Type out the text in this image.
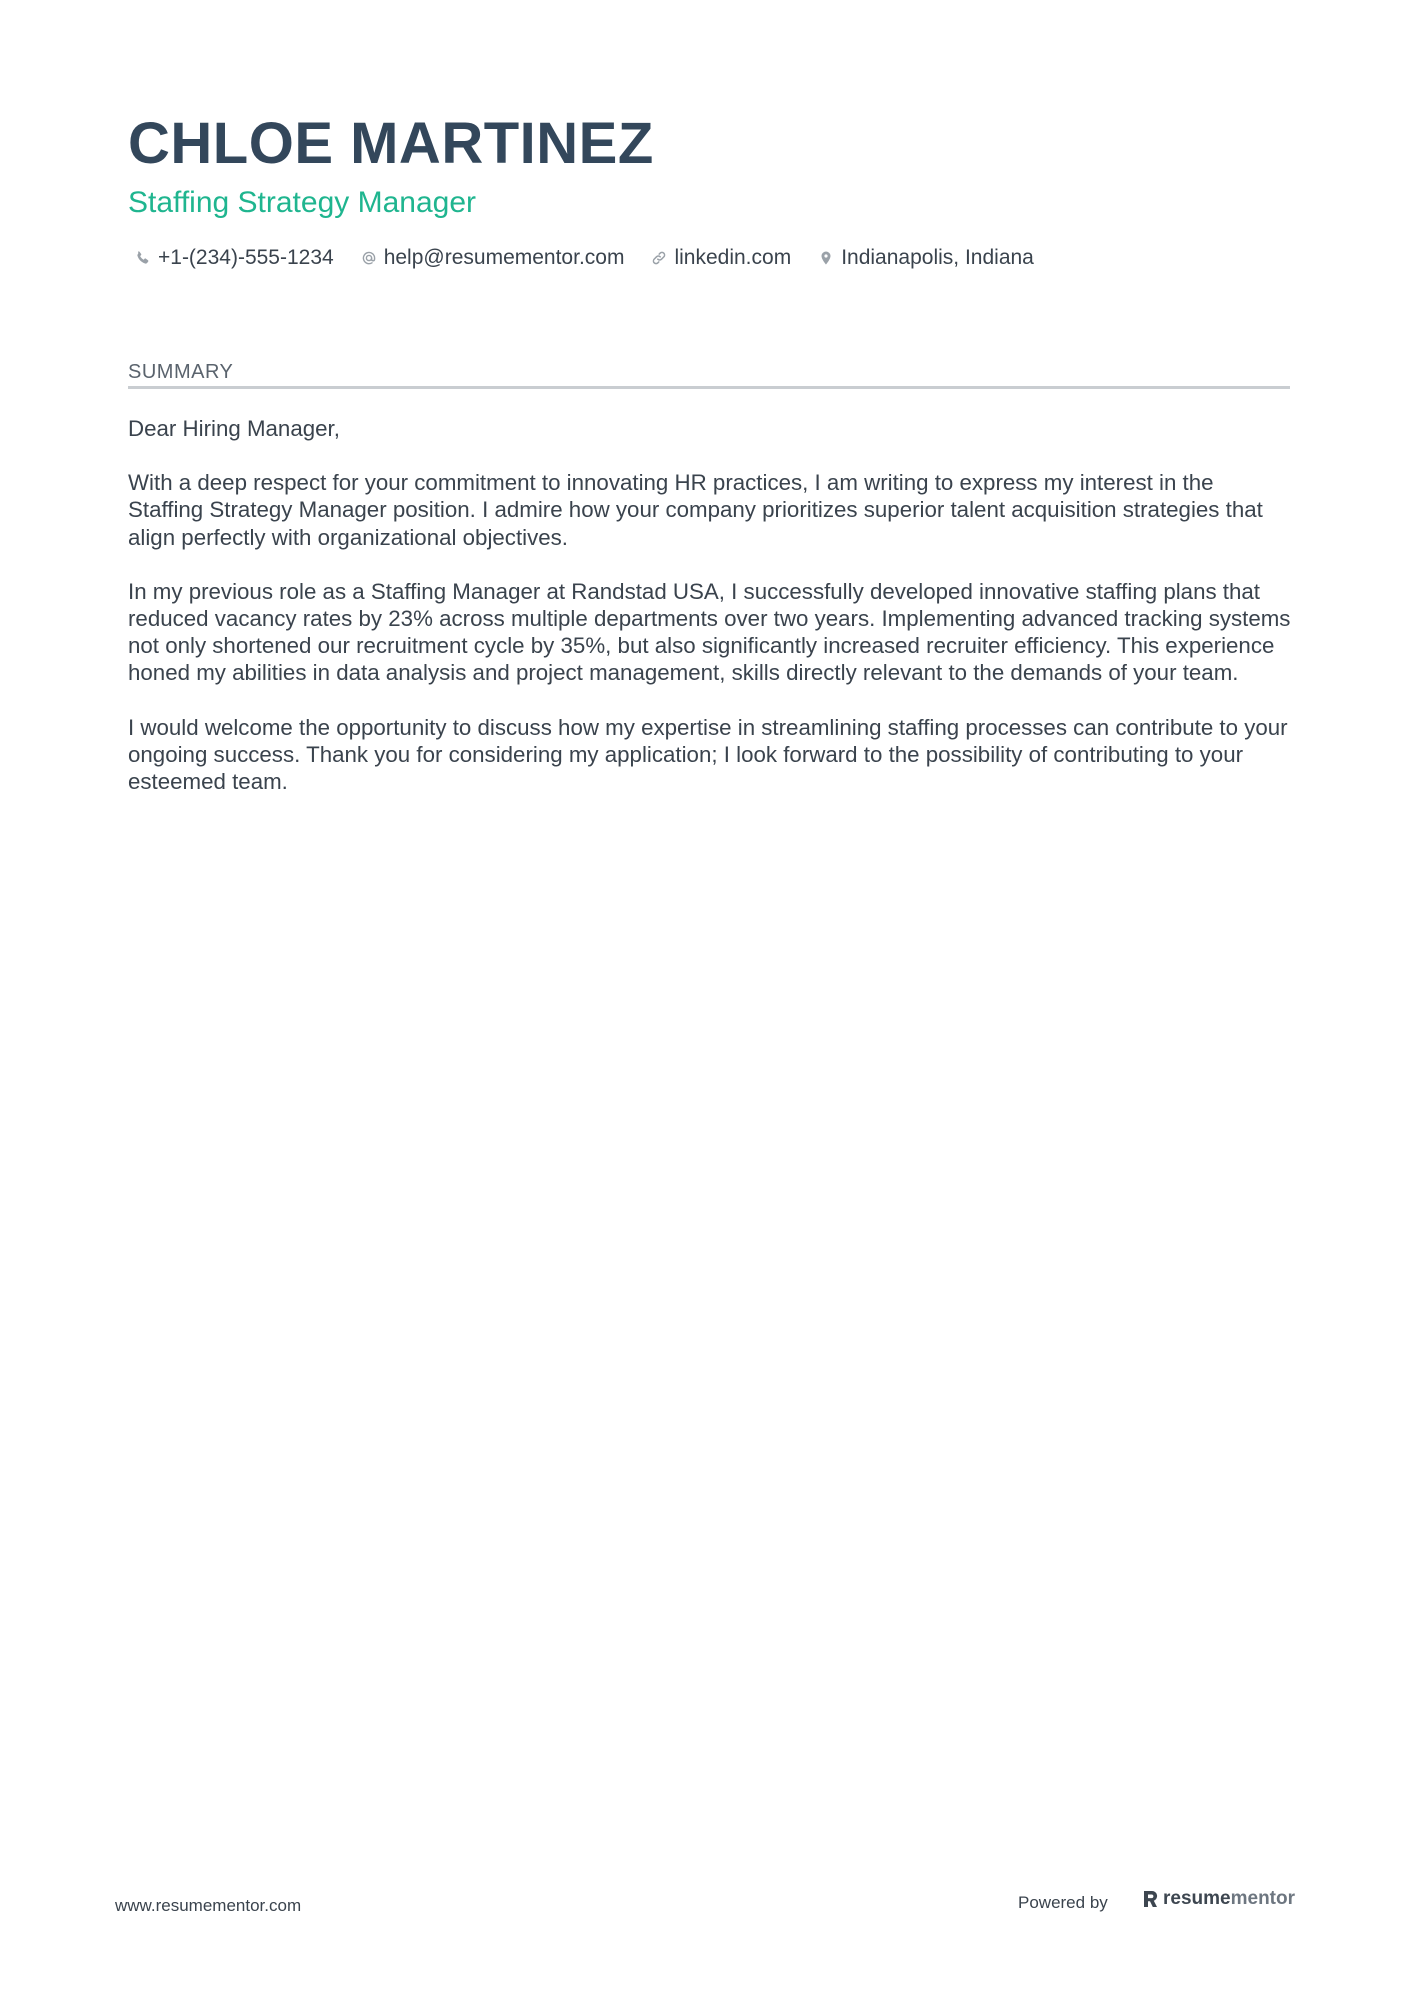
CHLOE MARTINEZ
Staffing Strategy Manager
+1-(234)-555-1234 help@resumementor.com linkedin.com Indianapolis, Indiana
SUMMARY

Dear Hiring Manager,

With a deep respect for your commitment to innovating HR practices, I am writing to express my interest in the Staffing Strategy Manager position. I admire how your company prioritizes superior talent acquisition strategies that align perfectly with organizational objectives.

In my previous role as a Staffing Manager at Randstad USA, I successfully developed innovative staffing plans that reduced vacancy rates by 23% across multiple departments over two years. Implementing advanced tracking systems not only shortened our recruitment cycle by 35%, but also significantly increased recruiter efficiency. This experience honed my abilities in data analysis and project management, skills directly relevant to the demands of your team.

I would welcome the opportunity to discuss how my expertise in streamlining staffing processes can contribute to your ongoing success. Thank you for considering my application; I look forward to the possibility of contributing to your esteemed team.

www.resumementor.com	Powered by	resume mentor
